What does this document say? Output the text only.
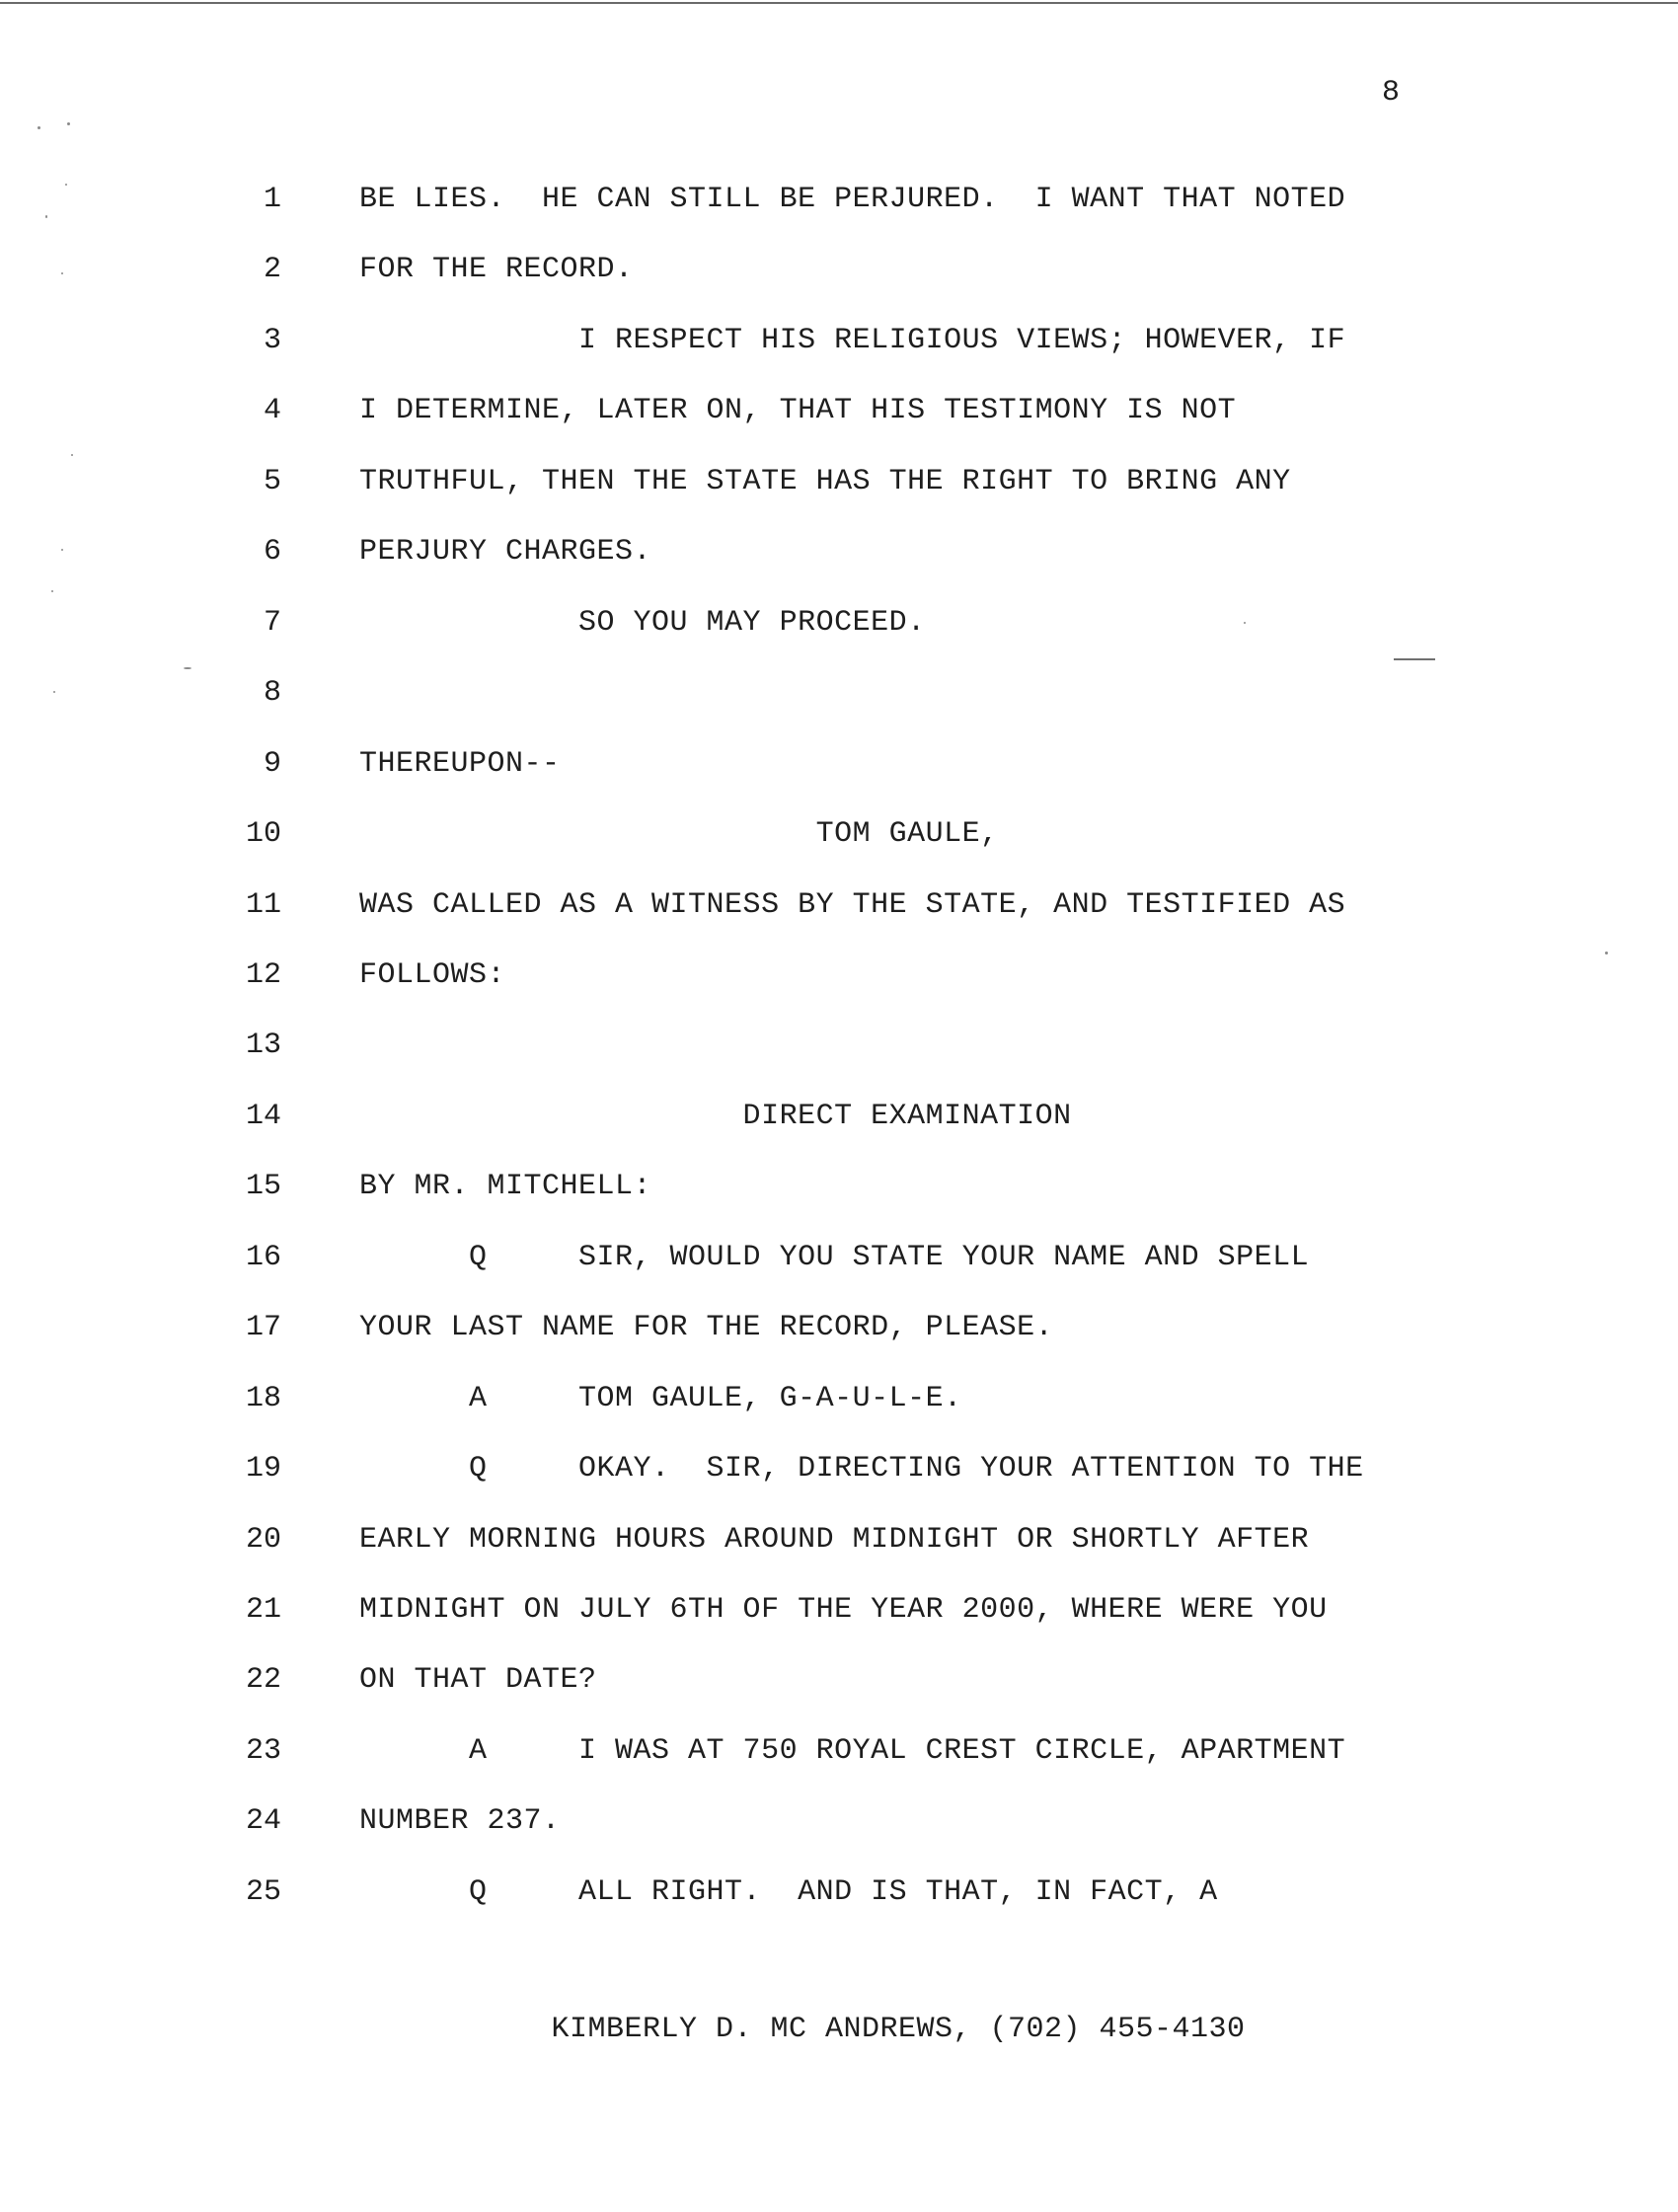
8
1	BE LIES.  HE CAN STILL BE PERJURED.  I WANT THAT NOTED
2	FOR THE RECORD.
3	I RESPECT HIS RELIGIOUS VIEWS; HOWEVER, IF
4	I DETERMINE, LATER ON, THAT HIS TESTIMONY IS NOT
5	TRUTHFUL, THEN THE STATE HAS THE RIGHT TO BRING ANY
6	PERJURY CHARGES.
7	SO YOU MAY PROCEED.
8
9	THEREUPON--
10	TOM GAULE,
11	WAS CALLED AS A WITNESS BY THE STATE, AND TESTIFIED AS
12	FOLLOWS:
13
14	DIRECT EXAMINATION
15	BY MR. MITCHELL:
16	Q     SIR, WOULD YOU STATE YOUR NAME AND SPELL
17	YOUR LAST NAME FOR THE RECORD, PLEASE.
18	A     TOM GAULE, G-A-U-L-E.
19	Q     OKAY.  SIR, DIRECTING YOUR ATTENTION TO THE
20	EARLY MORNING HOURS AROUND MIDNIGHT OR SHORTLY AFTER
21	MIDNIGHT ON JULY 6TH OF THE YEAR 2000, WHERE WERE YOU
22	ON THAT DATE?
23	A     I WAS AT 750 ROYAL CREST CIRCLE, APARTMENT
24	NUMBER 237.
25	Q     ALL RIGHT.  AND IS THAT, IN FACT, A
KIMBERLY D. MC ANDREWS, (702) 455-4130
